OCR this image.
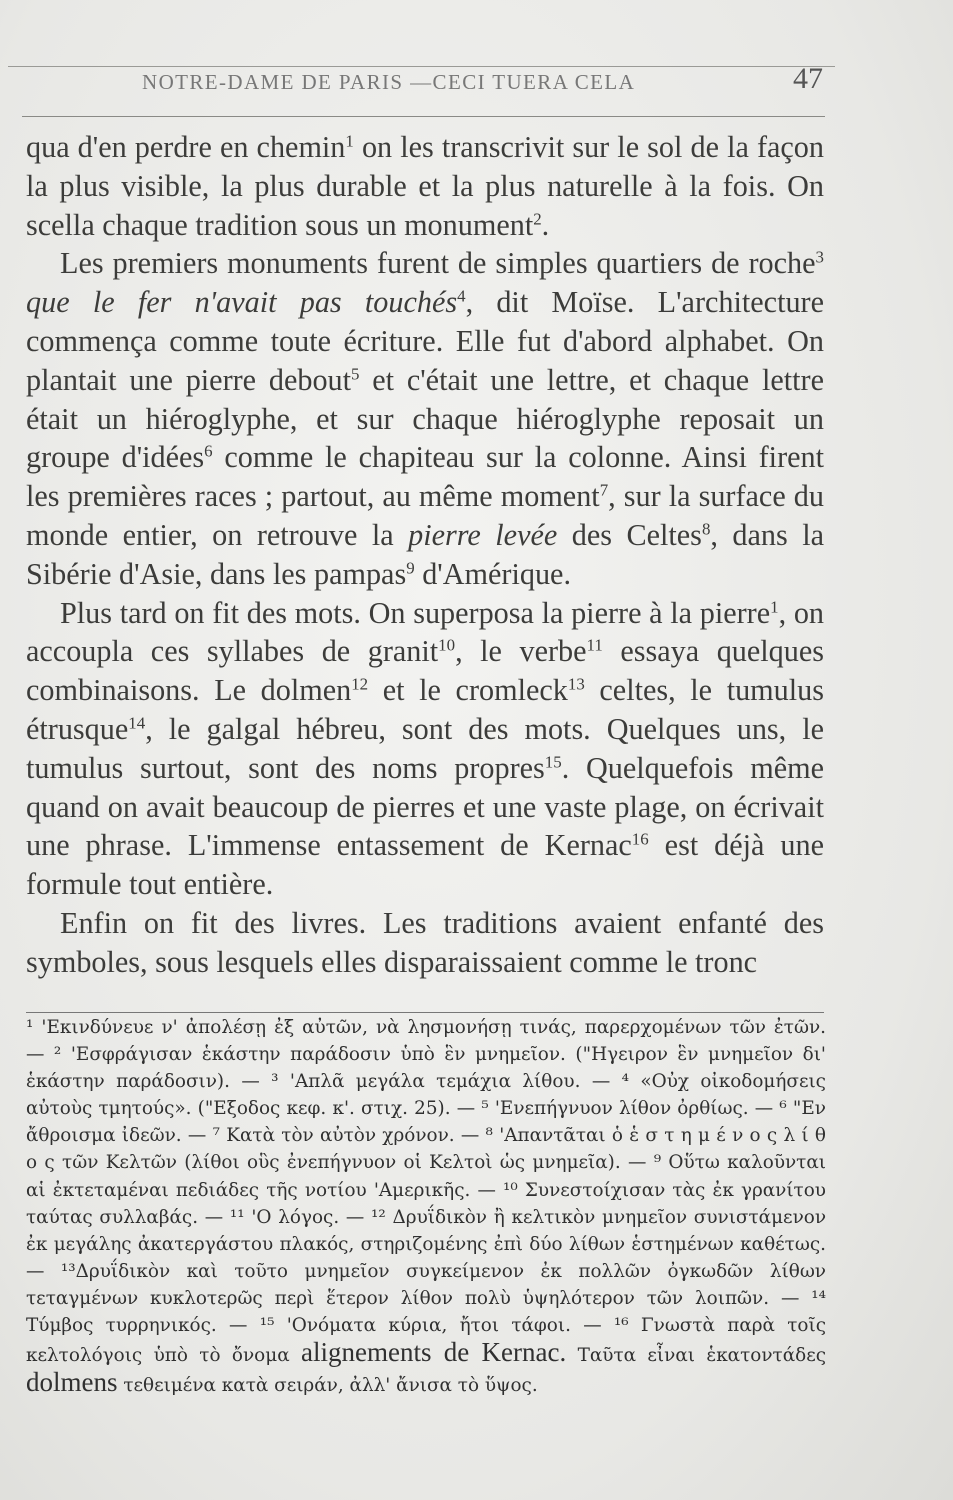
NOTRE-DAME DE PARIS —CECI TUERA CELA	47

qua d'en perdre en chemin$^1$ on les transcrivit sur le sol de la façon la plus visible, la plus durable et la plus naturelle à la fois. On scella chaque tradition sous un monument$^2$.

Les premiers monuments furent de simples quartiers de roche$^3$ que le fer n'avait pas touchés$^4$, dit Moïse. L'architecture commença comme toute écriture. Elle fut d'abord alphabet. On plantait une pierre debout$^5$ et c'était une lettre, et chaque lettre était un hiéroglyphe, et sur chaque hiéroglyphe reposait un groupe d'idées$^6$ comme le chapiteau sur la colonne. Ainsi firent les premières races ; partout, au même moment$^7$, sur la surface du monde entier, on retrouve la pierre levée des Celtes$^8$, dans la Sibérie d'Asie, dans les pampas$^9$ d'Amérique.

Plus tard on fit des mots. On superposa la pierre à la pierre$^1$, on accoupla ces syllabes de granit$^{10}$, le verbe$^{11}$ essaya quelques combinaisons. Le dolmen$^{12}$ et le cromleck$^{13}$ celtes, le tumulus étrusque$^{14}$, le galgal hébreu, sont des mots. Quelques uns, le tumulus surtout, sont des noms propres$^{15}$. Quelquefois même quand on avait beaucoup de pierres et une vaste plage, on écrivait une phrase. L'immense entassement de Kernac$^{16}$ est déjà une formule tout entière.

Enfin on fit des livres. Les traditions avaient enfanté des symboles, sous lesquels elles disparaissaient comme le tronc

¹ 'Εκινδύνευε ν' ἀπολέσῃ ἐξ αὐτῶν, νὰ λησμονήσῃ τινάς, παρερχομένων τῶν ἐτῶν. — ² 'Εσφράγισαν ἑκάστην παράδοσιν ὑπὸ ἓν μνημεῖον. ("Ηγειρον ἓν μνημεῖον δι' ἑκάστην παράδοσιν). — ³ 'Απλᾶ μεγάλα τεμάχια λίθου. — ⁴ «Οὐχ οἰκοδομήσεις αὐτοὺς τμητούς». ("Εξοδος κεφ. κ'. στιχ. 25). — ⁵ 'Ενεπήγνυον λίθον ὀρθίως. — ⁶ "Εν ἄθροισμα ἰδεῶν. — ⁷ Κατὰ τὸν αὐτὸν χρόνον. — ⁸ 'Απαντᾶται ὁ ἑ σ τ η μ έ ν ο ς λ ί θ ο ς τῶν Κελτῶν (λίθοι οὓς ἐνεπήγνυον οἱ Κελτοὶ ὡς μνημεῖα). — ⁹ Οὕτω καλοῦνται αἱ ἐκτεταμέναι πεδιάδες τῆς νοτίου 'Αμερικῆς. — ¹⁰ Συνεστοίχισαν τὰς ἐκ γρανίτου ταύτας συλλαβάς. — ¹¹ 'Ο λόγος. — ¹² Δρυΐδικὸν ἢ κελτικὸν μνημεῖον συνιστάμενον ἐκ μεγάλης ἀκατεργάστου πλακός, στηριζομένης ἐπὶ δύο λίθων ἑστημένων καθέτως. — ¹³Δρυΐδικὸν καὶ τοῦτο μνημεῖον συγκείμενον ἐκ πολλῶν ὀγκωδῶν λίθων τεταγμένων κυκλοτερῶς περὶ ἕτερον λίθον πολὺ ὑψηλότερον τῶν λοιπῶν. — ¹⁴ Τύμβος τυρρηνικός. — ¹⁵ 'Ονόματα κύρια, ἤτοι τάφοι. — ¹⁶ Γνωστὰ παρὰ τοῖς κελτολόγοις ὑπὸ τὸ ὄνομα alignements de Kernac. Ταῦτα εἶναι ἑκατοντάδες dolmens τεθειμένα κατὰ σειράν, ἀλλ' ἄνισα τὸ ὕψος.
